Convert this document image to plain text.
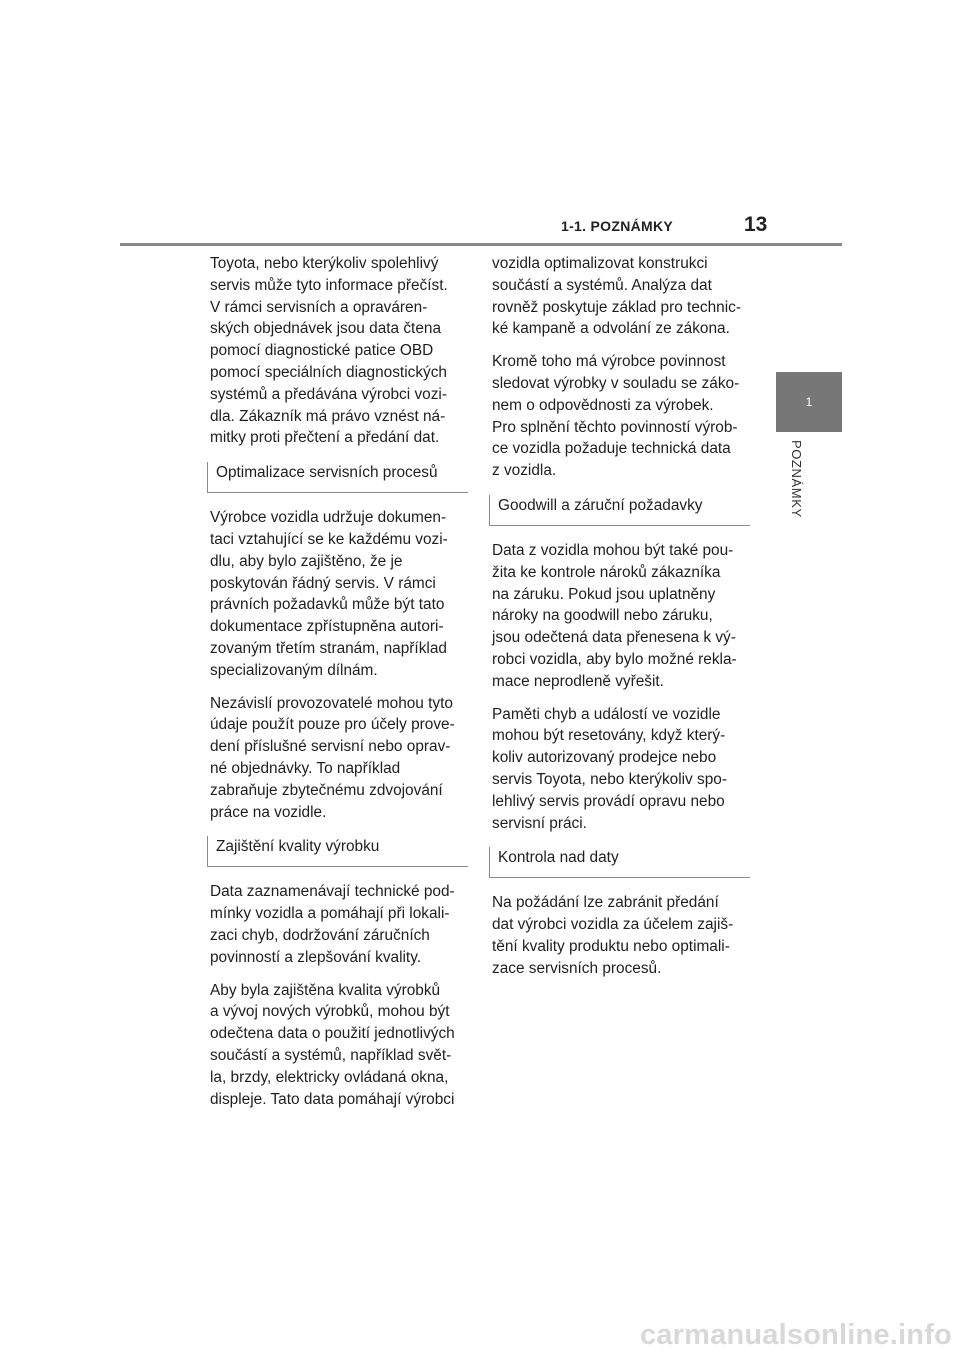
1-1. POZNÁMKY	13
1
POZNÁMKY

Toyota, nebo kterýkoliv spolehlivý
servis může tyto informace přečíst.
V rámci servisních a opraváren-
ských objednávek jsou data čtena
pomocí diagnostické patice OBD
pomocí speciálních diagnostických
systémů a předávána výrobci vozi-
dla. Zákazník má právo vznést ná-
mitky proti přečtení a předání dat.

Optimalizace servisních procesů

Výrobce vozidla udržuje dokumen-
taci vztahující se ke každému vozi-
dlu, aby bylo zajištěno, že je
poskytován řádný servis. V rámci
právních požadavků může být tato
dokumentace zpřístupněna autori-
zovaným třetím stranám, například
specializovaným dílnám.

Nezávislí provozovatelé mohou tyto
údaje použít pouze pro účely prove-
dení příslušné servisní nebo oprav-
né objednávky. To například
zabraňuje zbytečnému zdvojování
práce na vozidle.

Zajištění kvality výrobku

Data zaznamenávají technické pod-
mínky vozidla a pomáhají při lokali-
zaci chyb, dodržování záručních
povinností a zlepšování kvality.

Aby byla zajištěna kvalita výrobků
a vývoj nových výrobků, mohou být
odečtena data o použití jednotlivých
součástí a systémů, například svět-
la, brzdy, elektricky ovládaná okna,
displeje. Tato data pomáhají výrobci

vozidla optimalizovat konstrukci
součástí a systémů. Analýza dat
rovněž poskytuje základ pro technic-
ké kampaně a odvolání ze zákona.

Kromě toho má výrobce povinnost
sledovat výrobky v souladu se záko-
nem o odpovědnosti za výrobek.
Pro splnění těchto povinností výrob-
ce vozidla požaduje technická data
z vozidla.

Goodwill a záruční požadavky

Data z vozidla mohou být také pou-
žita ke kontrole nároků zákazníka
na záruku. Pokud jsou uplatněny
nároky na goodwill nebo záruku,
jsou odečtená data přenesena k vý-
robci vozidla, aby bylo možné rekla-
mace neprodleně vyřešit.

Paměti chyb a událostí ve vozidle
mohou být resetovány, když který-
koliv autorizovaný prodejce nebo
servis Toyota, nebo kterýkoliv spo-
lehlivý servis provádí opravu nebo
servisní práci.

Kontrola nad daty

Na požádání lze zabránit předání
dat výrobci vozidla za účelem zajiš-
tění kvality produktu nebo optimali-
zace servisních procesů.

carmanualsonline.info
